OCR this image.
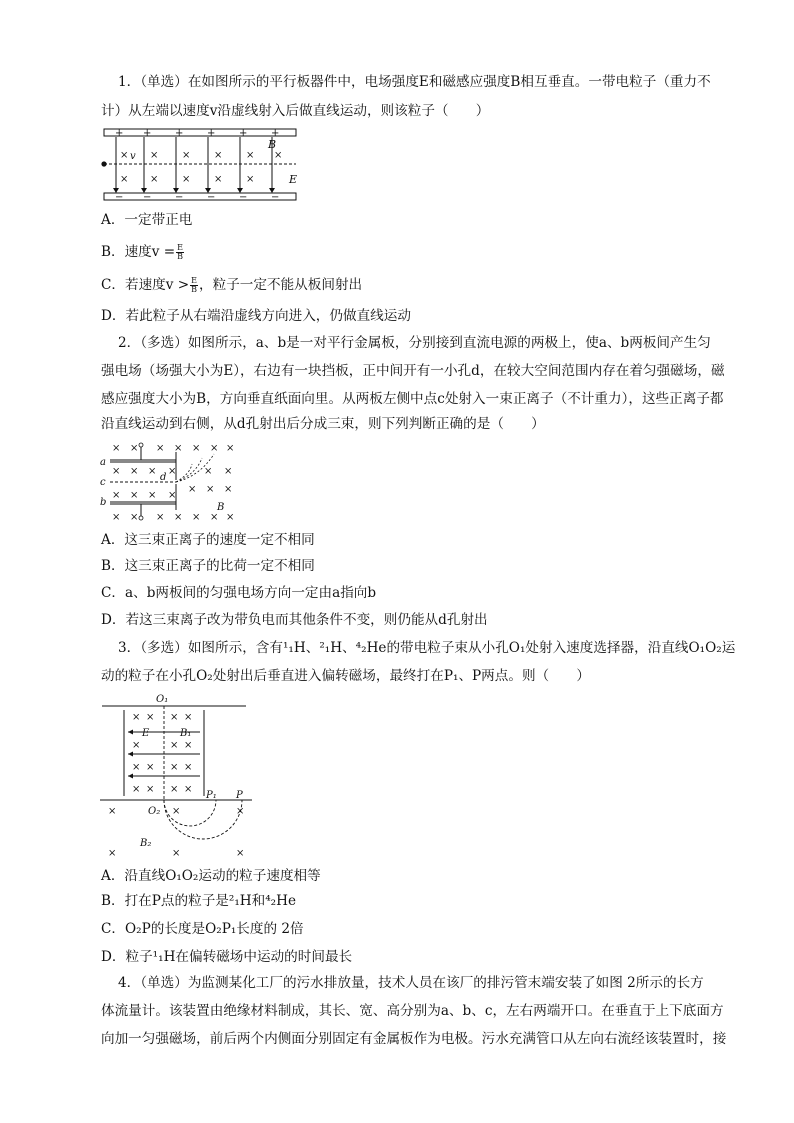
1．（单选）在如图所示的平行板器件中，电场强度E和磁感应强度B相互垂直。一带电粒子（重力不
计）从左端以速度v沿虚线射入后做直线运动，则该粒子（　　）
+ + + + + +
− − − − − −
× × × × × ×
× × × × ×
v
B
E
A．一定带正电
B．速度$v = \frac{E}{B}$
C．若速度$v > \frac{E}{B}$ ，粒子一定不能从板间射出
D．若此粒子从右端沿虚线方向进入，仍做直线运动
2．（多选）如图所示，a、b是一对平行金属板，分别接到直流电源的两极上，使a、b两板间产生匀
强电场（场强大小为E），右边有一块挡板，正中间开有一小孔d，在较大空间范围内存在着匀强磁场，磁
感应强度大小为B，方向垂直纸面向里。从两板左侧中点c处射入一束正离子（不计重力），这些正离子都
沿直线运动到右侧，从d孔射出后分成三束，则下列判断正确的是（　　）
× × × × × × ×
× × × ×	× ×
× × × ×
× × ×
× × × × × × ×
a
c
b
d
B
A．这三束正离子的速度一定不相同
B．这三束正离子的比荷一定不相同
C．a、b两板间的匀强电场方向一定由a指向b
D．若这三束离子改为带负电而其他条件不变，则仍能从d孔射出
3．（多选）如图所示，含有¹₁H、²₁H、⁴₂He的带电粒子束从小孔O₁处射入速度选择器，沿直线O₁O₂运
动的粒子在小孔O₂处射出后垂直进入偏转磁场，最终打在P₁、P两点。则（　　）
O₁
× × × ×
×	× ×
× × × ×
× × × ×
×	×	×
×	×	×
E	B₁
O₂
P₁ P
B₂
A．沿直线O₁O₂运动的粒子速度相等
B．打在P点的粒子是²₁H和⁴₂He
C．O₂P的长度是O₂P₁长度的 2倍
D．粒子¹₁H在偏转磁场中运动的时间最长
4．（单选）为监测某化工厂的污水排放量，技术人员在该厂的排污管末端安装了如图 2所示的长方
体流量计。该装置由绝缘材料制成，其长、宽、高分别为a、b、c，左右两端开口。在垂直于上下底面方
向加一匀强磁场，前后两个内侧面分别固定有金属板作为电极。污水充满管口从左向右流经该装置时，接
